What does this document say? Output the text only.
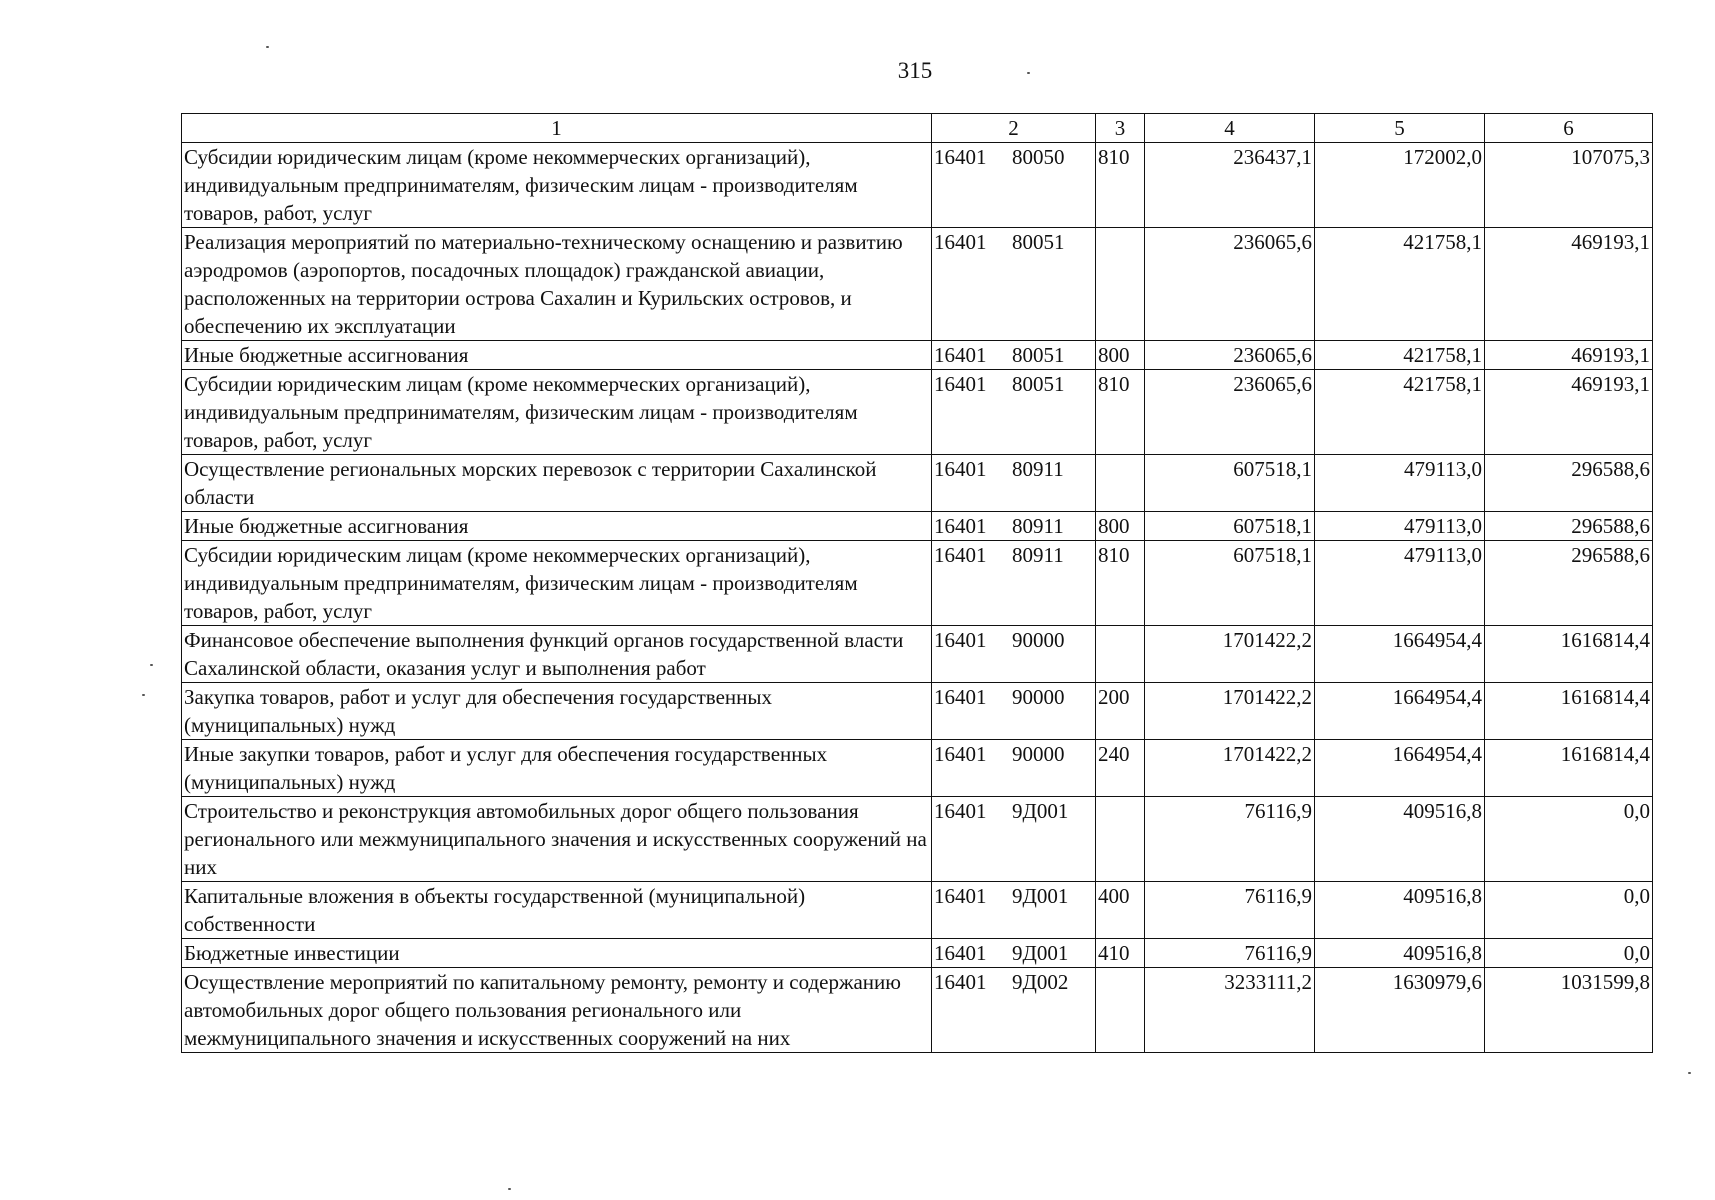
315
1	2	3	4	5	6
Субсидии юридическим лицам (кроме некоммерческих организаций), индивидуальным предпринимателям, физическим лицам - производителям товаров, работ, услуг	16401 80050	810	236437,1	172002,0	107075,3
Реализация мероприятий по материально-техническому оснащению и развитию аэродромов (аэропортов, посадочных площадок) гражданской авиации, расположенных на территории острова Сахалин и Курильских островов, и обеспечению их эксплуатации	16401 80051		236065,6	421758,1	469193,1
Иные бюджетные ассигнования	16401 80051	800	236065,6	421758,1	469193,1
Субсидии юридическим лицам (кроме некоммерческих организаций), индивидуальным предпринимателям, физическим лицам - производителям товаров, работ, услуг	16401 80051	810	236065,6	421758,1	469193,1
Осуществление региональных морских перевозок с территории Сахалинской области	16401 80911		607518,1	479113,0	296588,6
Иные бюджетные ассигнования	16401 80911	800	607518,1	479113,0	296588,6
Субсидии юридическим лицам (кроме некоммерческих организаций), индивидуальным предпринимателям, физическим лицам - производителям товаров, работ, услуг	16401 80911	810	607518,1	479113,0	296588,6
Финансовое обеспечение выполнения функций органов государственной власти Сахалинской области, оказания услуг и выполнения работ	16401 90000		1701422,2	1664954,4	1616814,4
Закупка товаров, работ и услуг для обеспечения государственных (муниципальных) нужд	16401 90000	200	1701422,2	1664954,4	1616814,4
Иные закупки товаров, работ и услуг для обеспечения государственных (муниципальных) нужд	16401 90000	240	1701422,2	1664954,4	1616814,4
Строительство и реконструкция автомобильных дорог общего пользования регионального или межмуниципального значения и искусственных сооружений на них	16401 9Д001		76116,9	409516,8	0,0
Капитальные вложения в объекты государственной (муниципальной) собственности	16401 9Д001	400	76116,9	409516,8	0,0
Бюджетные инвестиции	16401 9Д001	410	76116,9	409516,8	0,0
Осуществление мероприятий по капитальному ремонту, ремонту и содержанию автомобильных дорог общего пользования регионального или межмуниципального значения и искусственных сооружений на них	16401 9Д002		3233111,2	1630979,6	1031599,8
